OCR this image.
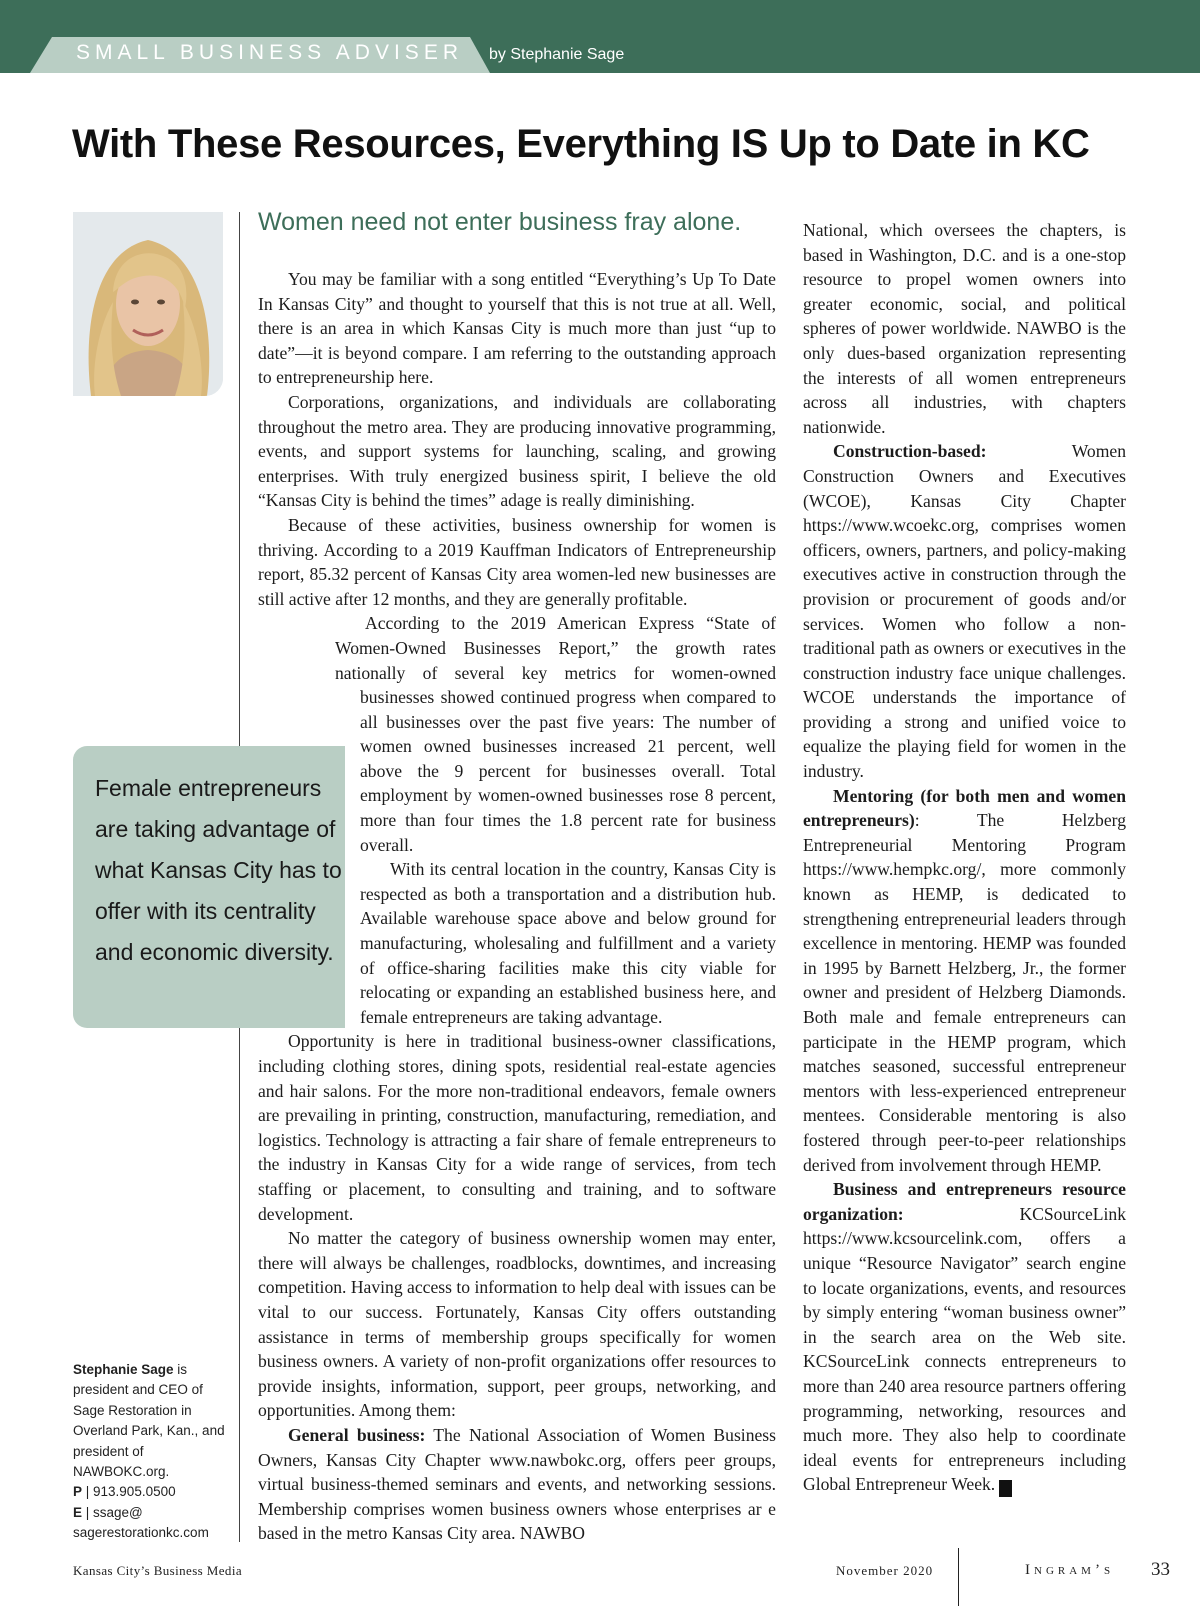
SMALL BUSINESS ADVISER by Stephanie Sage
With These Resources, Everything IS Up to Date in KC
Women need not enter business fray alone.

You may be familiar with a song entitled “Everything’s Up To Date In Kansas City” and thought to yourself that this is not true at all. Well, there is an area in which Kansas City is much more than just “up to date”—it is beyond compare. I am referring to the outstanding approach to entrepreneurship here.

Corporations, organizations, and individuals are collaborating throughout the metro area. They are producing innovative programming, events, and support systems for launching, scaling, and growing enterprises. With truly energized business spirit, I believe the old “Kansas City is behind the times” adage is really diminishing.

Because of these activities, business ownership for women is thriving. According to a 2019 Kauffman Indicators of Entrepreneurship report, 85.32 percent of Kansas City area women-led new businesses are still active after 12 months, and they are generally profitable.

According to the 2019 American Express “State of Women-Owned Businesses Report,” the growth rates nationally of several key metrics for women-owned businesses showed continued progress when compared to all businesses over the past five years: The number of women owned businesses increased 21 percent, well above the 9 percent for businesses overall. Total employment by women-owned businesses rose 8 percent, more than four times the 1.8 percent rate for business overall.

With its central location in the country, Kansas City is respected as both a transportation and a distribution hub. Available warehouse space above and below ground for manufacturing, wholesaling and fulfillment and a variety of office-sharing facilities make this city viable for relocating or expanding an established business here, and female entrepreneurs are taking advantage.

Opportunity is here in traditional business-owner classifications, including clothing stores, dining spots, residential real-estate agencies and hair salons. For the more non-traditional endeavors, female owners are prevailing in printing, construction, manufacturing, remediation, and logistics. Technology is attracting a fair share of female entrepreneurs to the industry in Kansas City for a wide range of services, from tech staffing or placement, to consulting and training, and to software development.

No matter the category of business ownership women may enter, there will always be challenges, roadblocks, downtimes, and increasing competition. Having access to information to help deal with issues can be vital to our success. Fortunately, Kansas City offers outstanding assistance in terms of membership groups specifically for women business owners. A variety of non-profit organizations offer resources to provide insights, information, support, peer groups, networking, and opportunities. Among them:

General business: The National Association of Women Business Owners, Kansas City Chapter www.nawbokc.org, offers peer groups, virtual business-themed seminars and events, and networking sessions. Membership comprises women business owners whose enterprises ar e based in the metro Kansas City area. NAWBO

Female entrepreneurs are taking advantage of what Kansas City has to offer with its centrality and economic diversity.

National, which oversees the chapters, is based in Washington, D.C. and is a one-stop resource to propel women owners into greater economic, social, and political spheres of power worldwide. NAWBO is the only dues-based organization representing the interests of all women entrepreneurs across all industries, with chapters nationwide.

Construction-based: Women Construction Owners and Executives (WCOE), Kansas City Chapter https://www.wcoekc.org, comprises women officers, owners, partners, and policy-making executives active in construction through the provision or procurement of goods and/or services. Women who follow a non-traditional path as owners or executives in the construction industry face unique challenges. WCOE understands the importance of providing a strong and unified voice to equalize the playing field for women in the industry.

Mentoring (for both men and women entrepreneurs): The Helzberg Entrepreneurial Mentoring Program https://www.hempkc.org/, more commonly known as HEMP, is dedicated to strengthening entrepreneurial leaders through excellence in mentoring. HEMP was founded in 1995 by Barnett Helzberg, Jr., the former owner and president of Helzberg Diamonds. Both male and female entrepreneurs can participate in the HEMP program, which matches seasoned, successful entrepreneur mentors with less-experienced entrepreneur mentees. Considerable mentoring is also fostered through peer-to-peer relationships derived from involvement through HEMP.

Business and entrepreneurs resource organization: KCSourceLink https://www.kcsourcelink.com, offers a unique “Resource Navigator” search engine to locate organizations, events, and resources by simply entering “woman business owner” in the search area on the Web site. KCSourceLink connects entrepreneurs to more than 240 area resource partners offering programming, networking, resources and much more. They also help to coordinate ideal events for entrepreneurs including Global Entrepreneur Week.	I

Stephanie Sage is president and CEO of Sage Restoration in Overland Park, Kan., and president of NAWBOKC.org.
P | 913.905.0500
E | ssage@ sagerestorationkc.com
Kansas City’s Business Media	November 2020	Ingram’s 33
